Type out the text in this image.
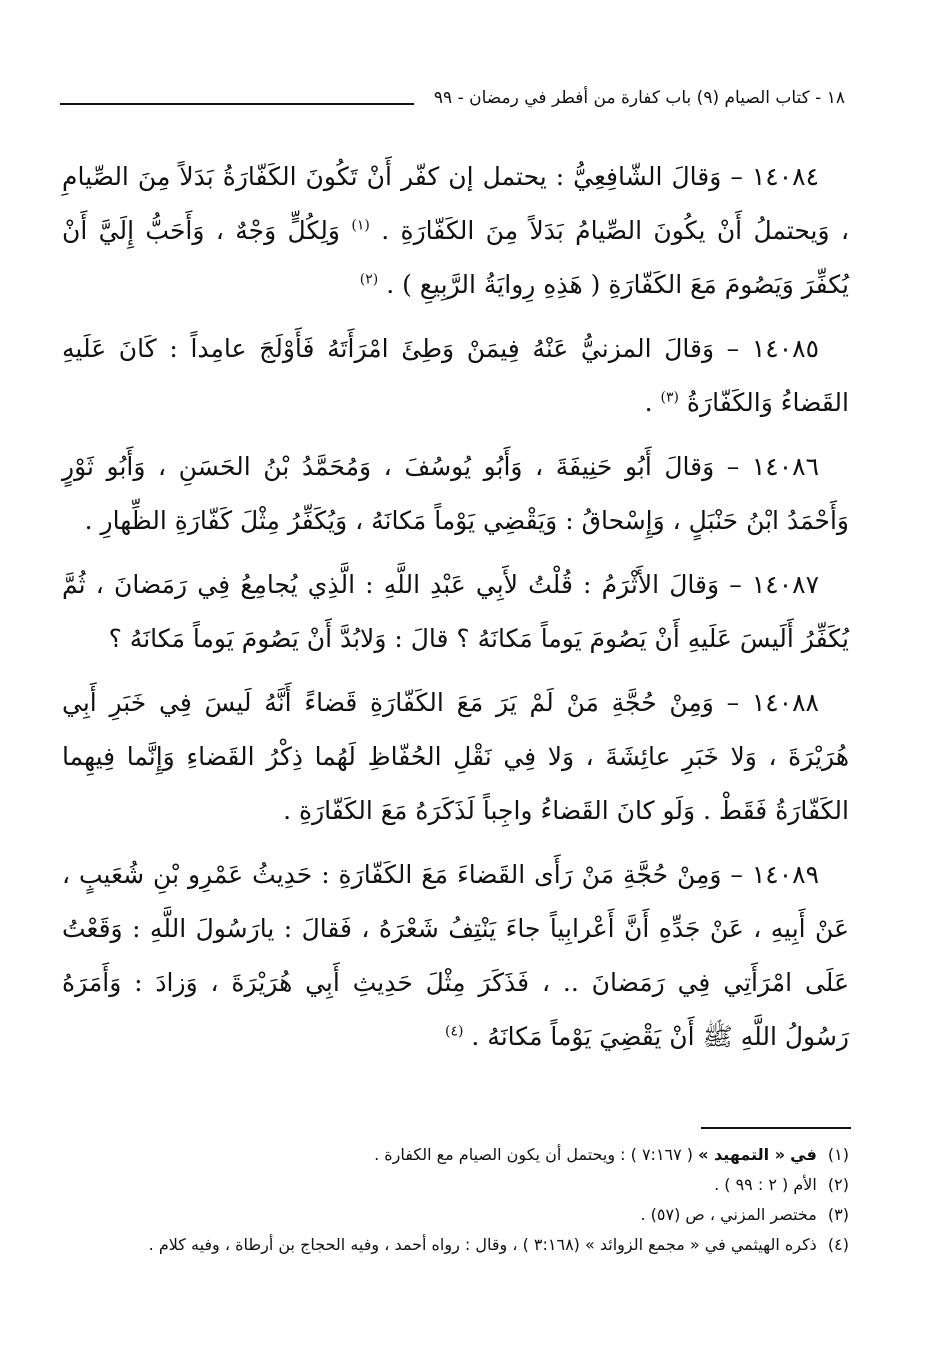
١٨ - كتاب الصيام (٩) باب كفارة من أفطر في رمضان - ٩٩

١٤٠٨٤ – وَقالَ الشّافِعِيُّ : يحتمل إن كفّر أَنْ تَكُونَ الكَفّارَةُ بَدَلاً مِنَ الصِّيامِ ، وَيحتملُ أَنْ يكُونَ الصِّيامُ بَدَلاً مِنَ الكَفّارَةِ . $^{(١)}$ وَلِكُلٍّ وَجْهٌ ، وَأَحَبُّ إِلَيَّ أَنْ يُكفِّرَ وَيَصُومَ مَعَ الكَفّارَةِ ( هَذِهِ رِوايَةُ الرَّبِيعِ ) . $^{(٢)}$

١٤٠٨٥ – وَقالَ المزنيُّ عَنْهُ فِيمَنْ وَطِئَ امْرَأَتَهُ فَأَوْلَجَ عامِداً : كَانَ عَلَيهِ القَضاءُ وَالكَفّارَةُ $^{(٣)}$ .

١٤٠٨٦ – وَقالَ أَبُو حَنِيفَةَ ، وَأَبُو يُوسُفَ ، وَمُحَمَّدُ بْنُ الحَسَنِ ، وَأَبُو ثَوْرٍ وَأَحْمَدُ ابْنُ حَنْبَلٍ ، وَإِسْحاقُ : وَيَقْضِي يَوْماً مَكانَهُ ، وَيُكَفِّرُ مِثْلَ كَفّارَةِ الظِّهارِ .

١٤٠٨٧ – وَقالَ الأَثْرَمُ : قُلْتُ لأَبِي عَبْدِ اللَّهِ : الَّذِي يُجامِعُ فِي رَمَضانَ ، ثُمَّ يُكَفِّرُ أَلَيسَ عَلَيهِ أَنْ يَصُومَ يَوماً مَكانَهُ ؟ قالَ : وَلابُدَّ أَنْ يَصُومَ يَوماً مَكانَهُ ؟

١٤٠٨٨ – وَمِنْ حُجَّةِ مَنْ لَمْ يَرَ مَعَ الكَفّارَةِ قَضاءً أَنَّهُ لَيسَ فِي خَبَرِ أَبِي هُرَيْرَةَ ، وَلا خَبَرِ عائِشَةَ ، وَلا فِي نَقْلِ الحُفّاظِ لَهُما ذِكْرُ القَضاءِ وَإِنَّما فِيهِما الكَفّارَةُ فَقَطْ . وَلَو كانَ القَضاءُ واجِباً لَذَكَرَهُ مَعَ الكَفّارَةِ .

١٤٠٨٩ – وَمِنْ حُجَّةِ مَنْ رَأَى القَضاءَ مَعَ الكَفّارَةِ : حَدِيثُ عَمْرِو بْنِ شُعَيبٍ ، عَنْ أَبِيهِ ، عَنْ جَدِّهِ أَنَّ أَعْرابِياً جاءَ يَنْتِفُ شَعْرَهُ ، فَقالَ : يارَسُولَ اللَّهِ : وَقَعْتُ عَلَى امْرَأَتِي فِي رَمَضانَ .. ، فَذَكَرَ مِثْلَ حَدِيثِ أَبِي هُرَيْرَةَ ، وَزادَ : وَأَمَرَهُ رَسُولُ اللَّهِ ﷺ أَنْ يَقْضِيَ يَوْماً مَكانَهُ . $^{(٤)}$

(١) في « التمهيد » ( ٧:١٦٧ ) : ويحتمل أن يكون الصيام مع الكفارة .

(٢) الأم ( ٢ : ٩٩ ) .

(٣) مختصر المزني ، ص (٥٧) .

(٤) ذكره الهيثمي في « مجمع الزوائد » (٣:١٦٨ ) ، وقال : رواه أحمد ، وفيه الحجاج بن أرطاة ، وفيه كلام .
